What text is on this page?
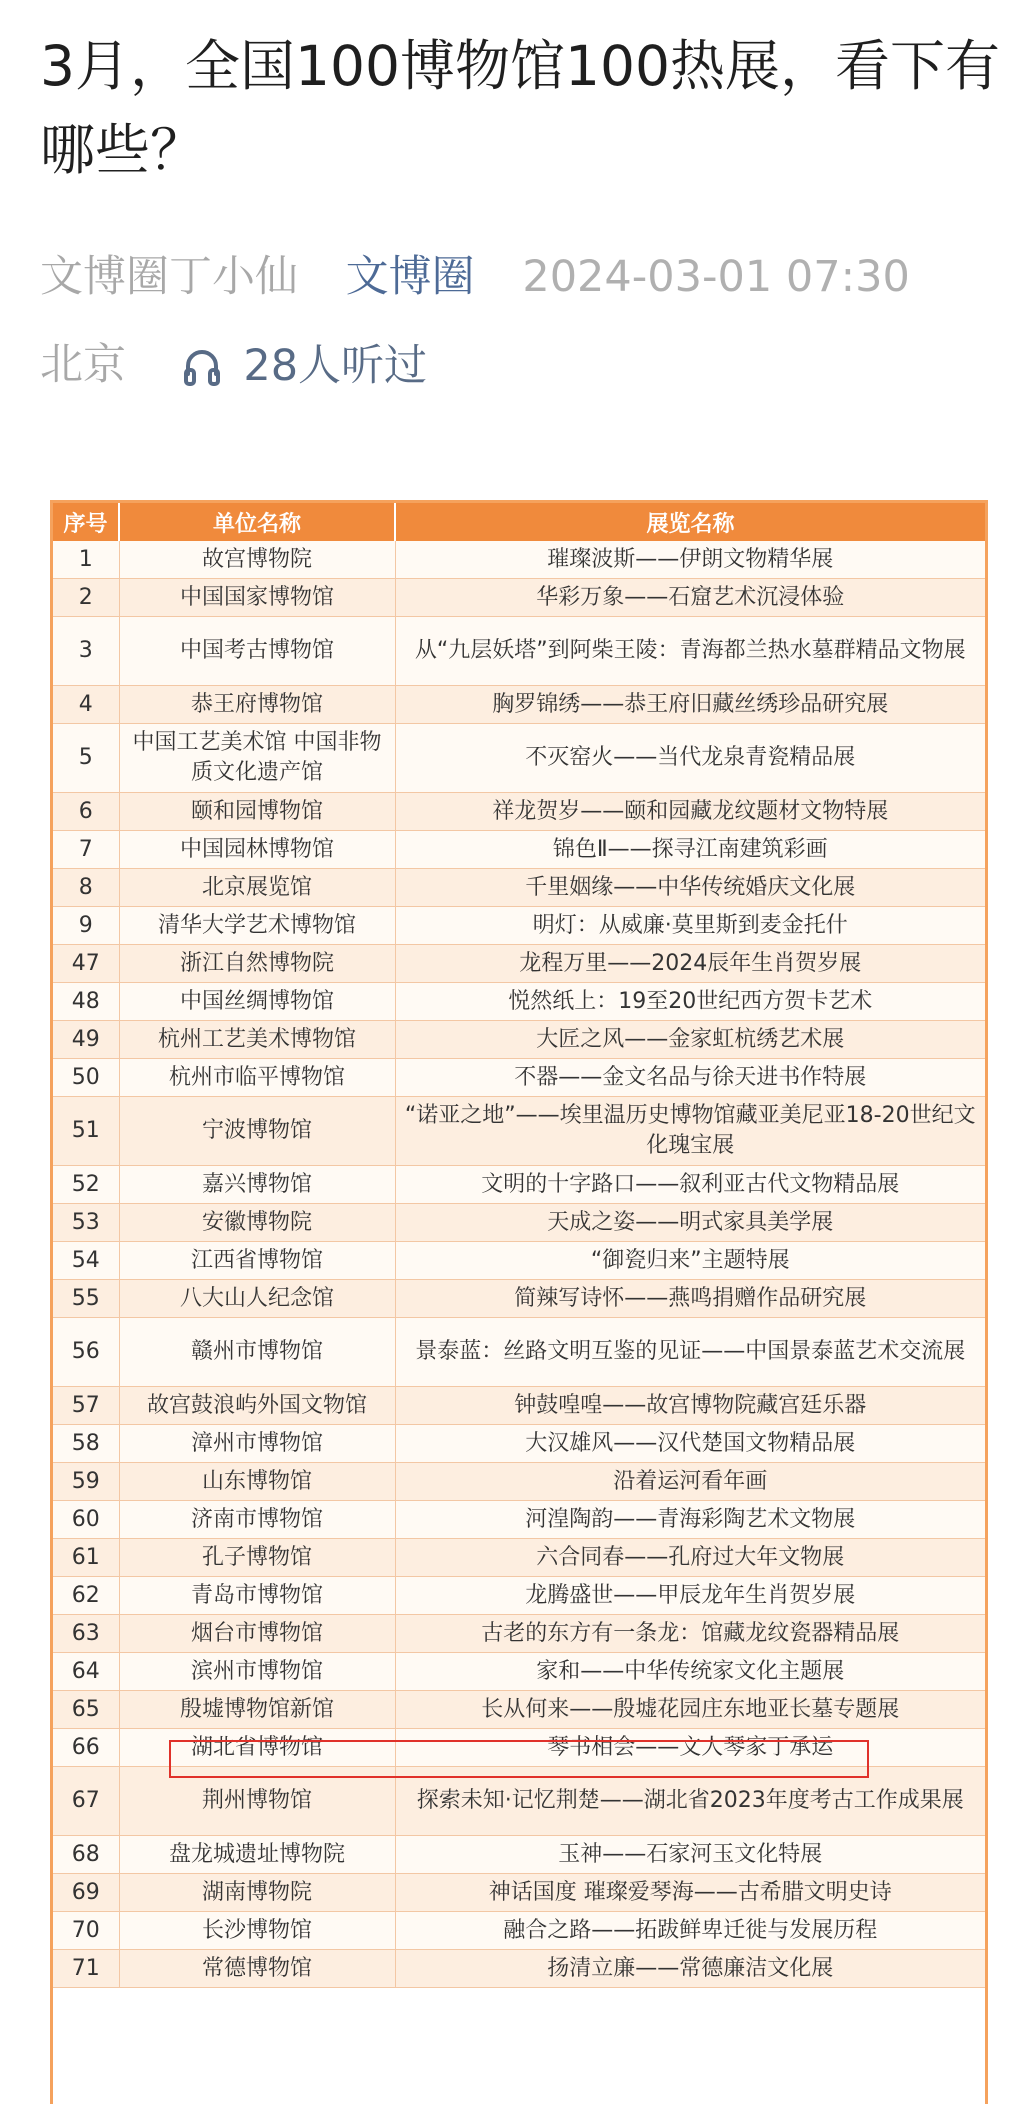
3月，全国100博物馆100热展，看下有哪些？
文博圈丁小仙 文博圈 2024-03-01 07:30
北京	28人听过
序号	单位名称	展览名称
1	故宫博物院	璀璨波斯——伊朗文物精华展
2	中国国家博物馆	华彩万象——石窟艺术沉浸体验
3	中国考古博物馆	从“九层妖塔”到阿柴王陵：青海都兰热水墓群精品文物展
4	恭王府博物馆	胸罗锦绣——恭王府旧藏丝绣珍品研究展
5	中国工艺美术馆 中国非物质文化遗产馆	不灭窑火——当代龙泉青瓷精品展
6	颐和园博物馆	祥龙贺岁——颐和园藏龙纹题材文物特展
7	中国园林博物馆	锦色Ⅱ——探寻江南建筑彩画
8	北京展览馆	千里姻缘——中华传统婚庆文化展
9	清华大学艺术博物馆	明灯：从威廉·莫里斯到麦金托什
47	浙江自然博物院	龙程万里——2024辰年生肖贺岁展
48	中国丝绸博物馆	悦然纸上：19至20世纪西方贺卡艺术
49	杭州工艺美术博物馆	大匠之风——金家虹杭绣艺术展
50	杭州市临平博物馆	不器——金文名品与徐天进书作特展
51	宁波博物馆	“诺亚之地”——埃里温历史博物馆藏亚美尼亚18-20世纪文化瑰宝展
52	嘉兴博物馆	文明的十字路口——叙利亚古代文物精品展
53	安徽博物院	天成之姿——明式家具美学展
54	江西省博物馆	“御瓷归来”主题特展
55	八大山人纪念馆	简辣写诗怀——燕鸣捐赠作品研究展
56	赣州市博物馆	景泰蓝：丝路文明互鉴的见证——中国景泰蓝艺术交流展
57	故宫鼓浪屿外国文物馆	钟鼓喤喤——故宫博物院藏宫廷乐器
58	漳州市博物馆	大汉雄风——汉代楚国文物精品展
59	山东博物馆	沿着运河看年画
60	济南市博物馆	河湟陶韵——青海彩陶艺术文物展
61	孔子博物馆	六合同春——孔府过大年文物展
62	青岛市博物馆	龙腾盛世——甲辰龙年生肖贺岁展
63	烟台市博物馆	古老的东方有一条龙：馆藏龙纹瓷器精品展
64	滨州市博物馆	家和——中华传统家文化主题展
65	殷墟博物馆新馆	长从何来——殷墟花园庄东地亚长墓专题展
66	湖北省博物馆	琴书相会——文人琴家丁承运
67	荆州博物馆	探索未知·记忆荆楚——湖北省2023年度考古工作成果展
68	盘龙城遗址博物院	玉神——石家河玉文化特展
69	湖南博物院	神话国度 璀璨爱琴海——古希腊文明史诗
70	长沙博物馆	融合之路——拓跋鲜卑迁徙与发展历程
71	常德博物馆	扬清立廉——常德廉洁文化展
